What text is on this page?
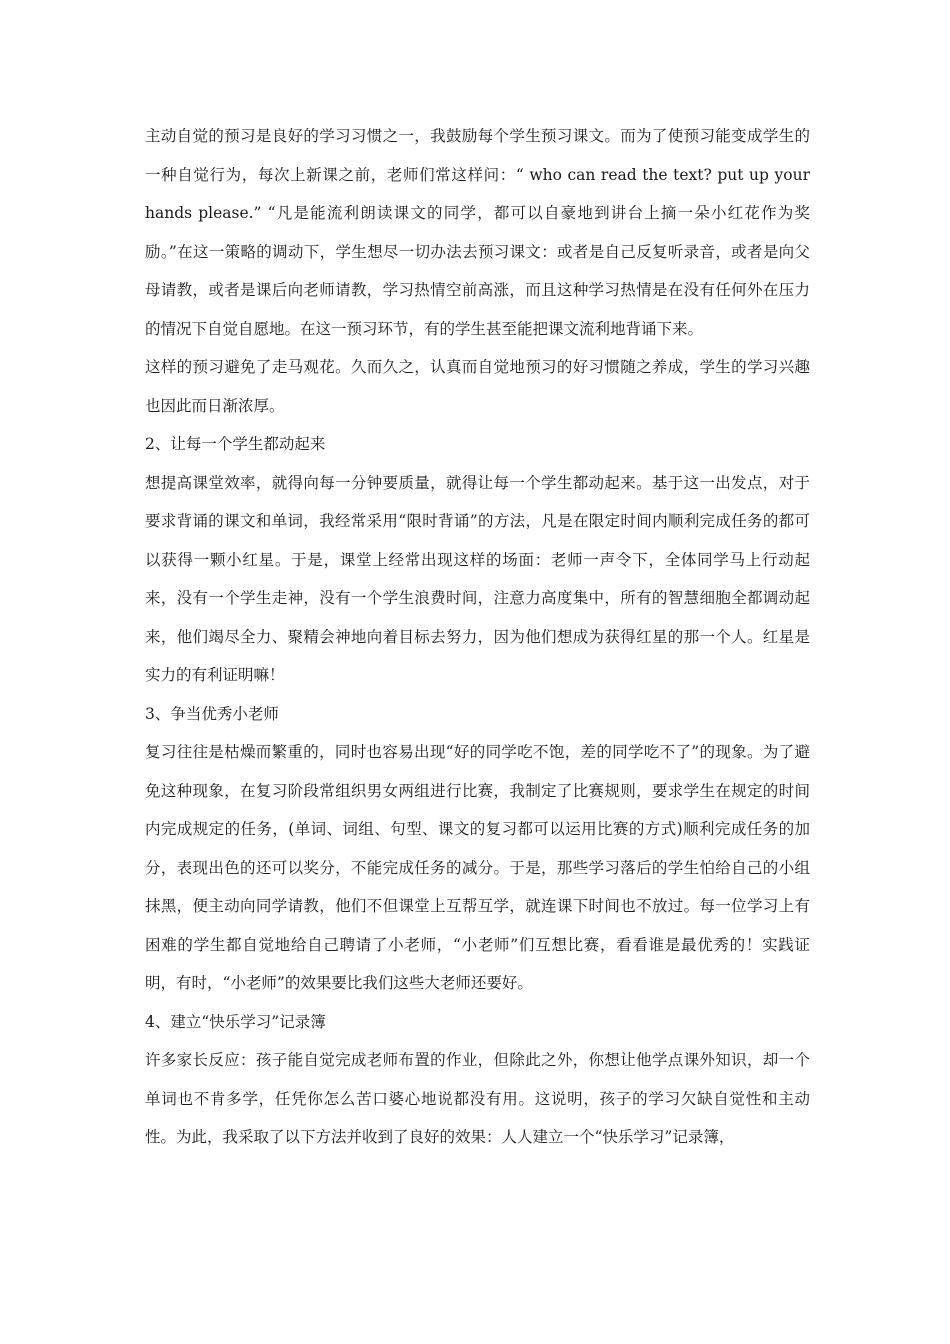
主动自觉的预习是良好的学习习惯之一，我鼓励每个学生预习课文。而为了使预习能变成学生的一种自觉行为，每次上新课之前，老师们常这样问：“ who can read the text? put up your hands please.” “凡是能流利朗读课文的同学，都可以自豪地到讲台上摘一朵小红花作为奖励。”在这一策略的调动下，学生想尽一切办法去预习课文：或者是自己反复听录音，或者是向父母请教，或者是课后向老师请教，学习热情空前高涨，而且这种学习热情是在没有任何外在压力的情况下自觉自愿地。在这一预习环节，有的学生甚至能把课文流利地背诵下来。

这样的预习避免了走马观花。久而久之，认真而自觉地预习的好习惯随之养成，学生的学习兴趣也因此而日渐浓厚。

2、让每一个学生都动起来

想提高课堂效率，就得向每一分钟要质量，就得让每一个学生都动起来。基于这一出发点，对于要求背诵的课文和单词，我经常采用“限时背诵”的方法，凡是在限定时间内顺利完成任务的都可以获得一颗小红星。于是，课堂上经常出现这样的场面：老师一声令下，全体同学马上行动起来，没有一个学生走神，没有一个学生浪费时间，注意力高度集中，所有的智慧细胞全都调动起来，他们竭尽全力、聚精会神地向着目标去努力，因为他们想成为获得红星的那一个人。红星是实力的有利证明嘛！

3、争当优秀小老师

复习往往是枯燥而繁重的，同时也容易出现“好的同学吃不饱，差的同学吃不了”的现象。为了避免这种现象，在复习阶段常组织男女两组进行比赛，我制定了比赛规则，要求学生在规定的时间内完成规定的任务，(单词、词组、句型、课文的复习都可以运用比赛的方式)顺利完成任务的加分，表现出色的还可以奖分，不能完成任务的减分。于是，那些学习落后的学生怕给自己的小组抹黑，便主动向同学请教，他们不但课堂上互帮互学，就连课下时间也不放过。每一位学习上有困难的学生都自觉地给自己聘请了小老师，“小老师”们互想比赛，看看谁是最优秀的！实践证明，有时，“小老师”的效果要比我们这些大老师还要好。

4、建立“快乐学习”记录簿

许多家长反应：孩子能自觉完成老师布置的作业，但除此之外，你想让他学点课外知识，却一个单词也不肯多学，任凭你怎么苦口婆心地说都没有用。这说明，孩子的学习欠缺自觉性和主动性。为此，我采取了以下方法并收到了良好的效果：人人建立一个“快乐学习”记录簿，
